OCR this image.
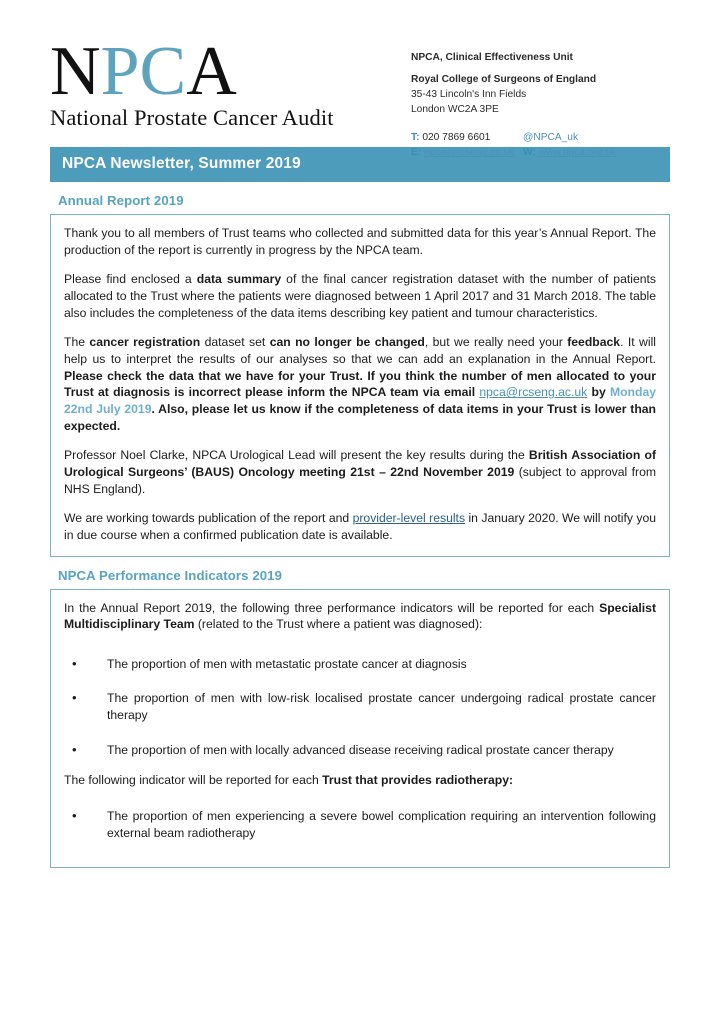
NPCA
National Prostate Cancer Audit
NPCA, Clinical Effectiveness Unit
Royal College of Surgeons of England
35-43 Lincoln's Inn Fields
London WC2A 3PE
T: 020 7869 6601	@NPCA_uk
E: npca@rcseng.ac.uk W: www.npca.org.uk
NPCA Newsletter, Summer 2019
Annual Report 2019

Thank you to all members of Trust teams who collected and submitted data for this year’s Annual Report. The production of the report is currently in progress by the NPCA team.

Please find enclosed a data summary of the final cancer registration dataset with the number of patients allocated to the Trust where the patients were diagnosed between 1 April 2017 and 31 March 2018. The table also includes the completeness of the data items describing key patient and tumour characteristics.

The cancer registration dataset set can no longer be changed, but we really need your feedback. It will help us to interpret the results of our analyses so that we can add an explanation in the Annual Report. Please check the data that we have for your Trust. If you think the number of men allocated to your Trust at diagnosis is incorrect please inform the NPCA team via email npca@rcseng.ac.uk by Monday 22nd July 2019. Also, please let us know if the completeness of data items in your Trust is lower than expected.

Professor Noel Clarke, NPCA Urological Lead will present the key results during the British Association of Urological Surgeons’ (BAUS) Oncology meeting 21st – 22nd November 2019 (subject to approval from NHS England).

We are working towards publication of the report and provider-level results in January 2020. We will notify you in due course when a confirmed publication date is available.

NPCA Performance Indicators 2019

In the Annual Report 2019, the following three performance indicators will be reported for each Specialist Multidisciplinary Team (related to the Trust where a patient was diagnosed):

• The proportion of men with metastatic prostate cancer at diagnosis
• The proportion of men with low-risk localised prostate cancer undergoing radical prostate cancer therapy
• The proportion of men with locally advanced disease receiving radical prostate cancer therapy

The following indicator will be reported for each Trust that provides radiotherapy:

• The proportion of men experiencing a severe bowel complication requiring an intervention following external beam radiotherapy
